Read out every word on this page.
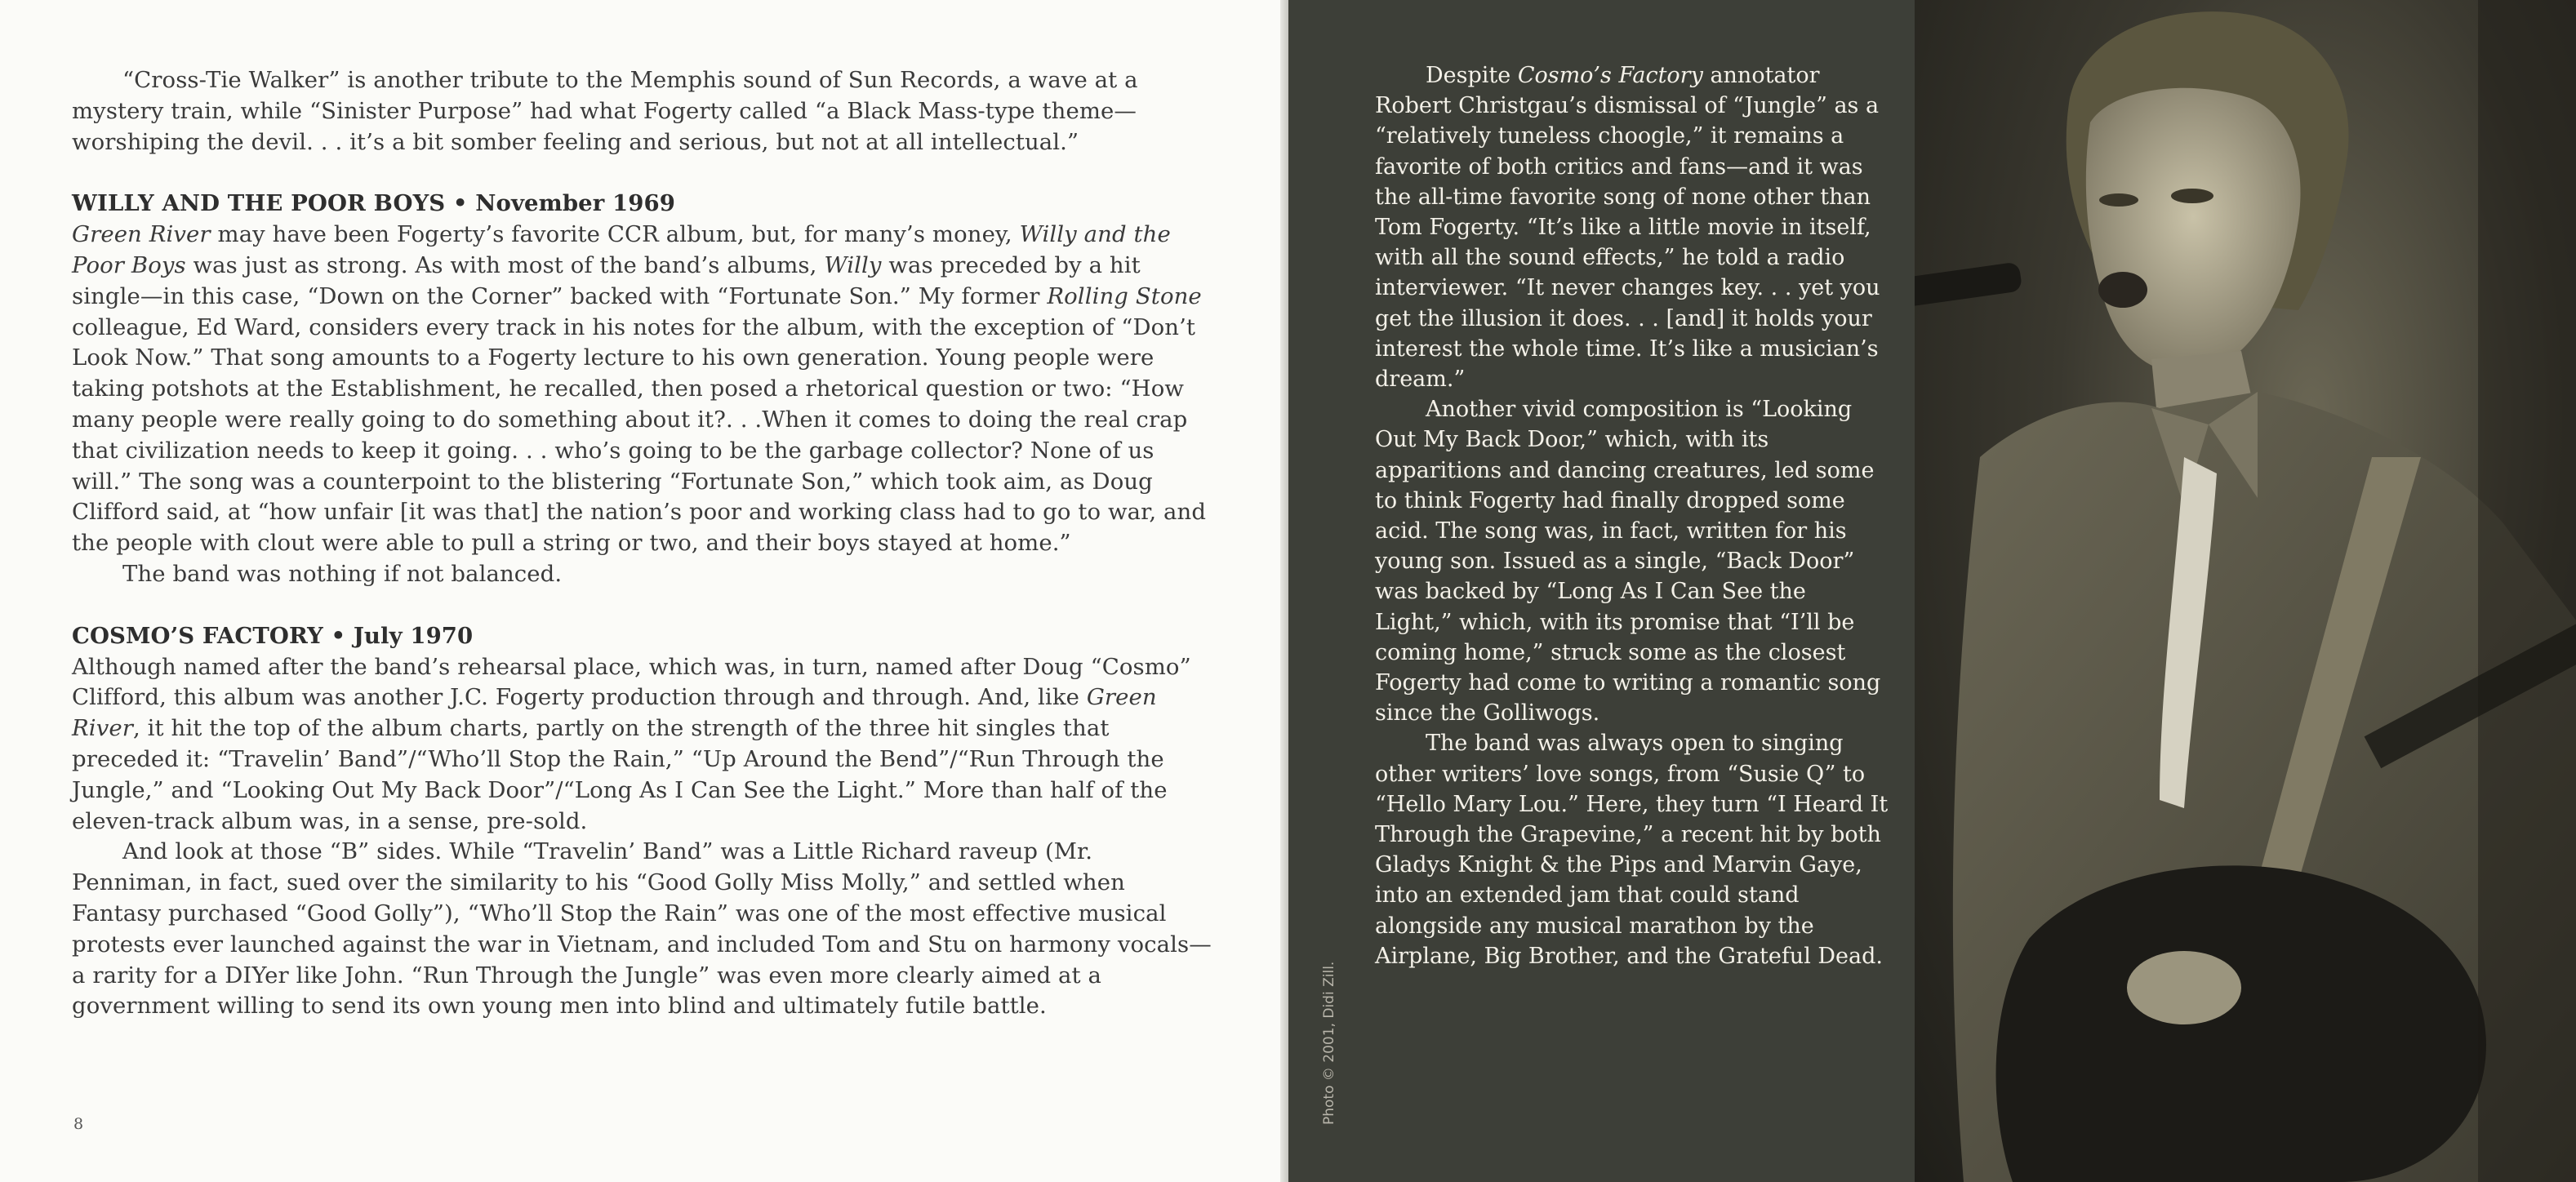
“Cross-Tie Walker” is another tribute to the Memphis sound of Sun Records, a wave at a mystery train, while “Sinister Purpose” had what Fogerty called “a Black Mass-type theme—worshiping the devil. . . it’s a bit somber feeling and serious, but not at all intellectual.”

WILLY AND THE POOR BOYS • November 1969

Green River may have been Fogerty’s favorite CCR album, but, for many’s money, Willy and the Poor Boys was just as strong. As with most of the band’s albums, Willy was preceded by a hit single—in this case, “Down on the Corner” backed with “Fortunate Son.” My former Rolling Stone colleague, Ed Ward, considers every track in his notes for the album, with the exception of “Don’t Look Now.” That song amounts to a Fogerty lecture to his own generation. Young people were taking potshots at the Establishment, he recalled, then posed a rhetorical question or two: “How many people were really going to do something about it?. . .When it comes to doing the real crap that civilization needs to keep it going. . . who’s going to be the garbage collector? None of us will.” The song was a counterpoint to the blistering “Fortunate Son,” which took aim, as Doug Clifford said, at “how unfair [it was that] the nation’s poor and working class had to go to war, and the people with clout were able to pull a string or two, and their boys stayed at home.”

The band was nothing if not balanced.

COSMO’S FACTORY • July 1970

Although named after the band’s rehearsal place, which was, in turn, named after Doug “Cosmo” Clifford, this album was another J.C. Fogerty production through and through. And, like Green River, it hit the top of the album charts, partly on the strength of the three hit singles that preceded it: “Travelin’ Band”/“Who’ll Stop the Rain,” “Up Around the Bend”/“Run Through the Jungle,” and “Looking Out My Back Door”/“Long As I Can See the Light.” More than half of the eleven-track album was, in a sense, pre-sold.

And look at those “B” sides. While “Travelin’ Band” was a Little Richard raveup (Mr. Penniman, in fact, sued over the similarity to his “Good Golly Miss Molly,” and settled when Fantasy purchased “Good Golly”), “Who’ll Stop the Rain” was one of the most effective musical protests ever launched against the war in Vietnam, and included Tom and Stu on harmony vocals—a rarity for a DIYer like John. “Run Through the Jungle” was even more clearly aimed at a government willing to send its own young men into blind and ultimately futile battle.

8

Despite Cosmo’s Factory annotator Robert Christgau’s dismissal of “Jungle” as a “relatively tuneless choogle,” it remains a favorite of both critics and fans—and it was the all-time favorite song of none other than Tom Fogerty. “It’s like a little movie in itself, with all the sound effects,” he told a radio interviewer. “It never changes key. . . yet you get the illusion it does. . . [and] it holds your interest the whole time. It’s like a musician’s dream.”

Another vivid composition is “Looking Out My Back Door,” which, with its apparitions and dancing creatures, led some to think Fogerty had finally dropped some acid. The song was, in fact, written for his young son. Issued as a single, “Back Door” was backed by “Long As I Can See the Light,” which, with its promise that “I’ll be coming home,” struck some as the closest Fogerty had come to writing a romantic song since the Golliwogs.

The band was always open to singing other writers’ love songs, from “Susie Q” to “Hello Mary Lou.” Here, they turn “I Heard It Through the Grapevine,” a recent hit by both Gladys Knight & the Pips and Marvin Gaye, into an extended jam that could stand alongside any musical marathon by the Airplane, Big Brother, and the Grateful Dead.

Photo © 2001, Didi Zill.
